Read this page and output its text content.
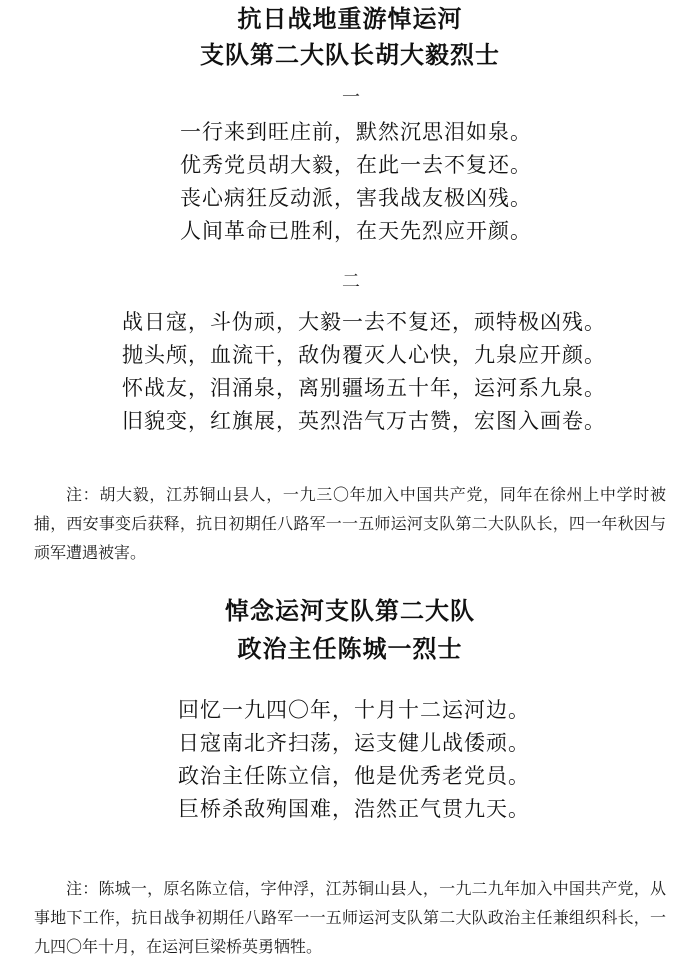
抗日战地重游悼运河
支队第二大队长胡大毅烈士
一
一行来到旺庄前，默然沉思泪如泉。
优秀党员胡大毅，在此一去不复还。
丧心病狂反动派，害我战友极凶残。
人间革命已胜利，在天先烈应开颜。
二
战日寇，斗伪顽，大毅一去不复还，顽特极凶残。
抛头颅，血流干，敌伪覆灭人心快，九泉应开颜。
怀战友，泪涌泉，离别疆场五十年，运河系九泉。
旧貌变，红旗展，英烈浩气万古赞，宏图入画卷。
注：胡大毅，江苏铜山县人，一九三〇年加入中国共产党，同年在徐州上中学时被捕，西安事变后获释，抗日初期任八路军一一五师运河支队第二大队队长，四一年秋因与顽军遭遇被害。
悼念运河支队第二大队
政治主任陈城一烈士
回忆一九四〇年，十月十二运河边。
日寇南北齐扫荡，运支健儿战倭顽。
政治主任陈立信，他是优秀老党员。
巨桥杀敌殉国难，浩然正气贯九天。
注：陈城一，原名陈立信，字仲浮，江苏铜山县人，一九二九年加入中国共产党，从事地下工作，抗日战争初期任八路军一一五师运河支队第二大队政治主任兼组织科长，一九四〇年十月，在运河巨梁桥英勇牺牲。
